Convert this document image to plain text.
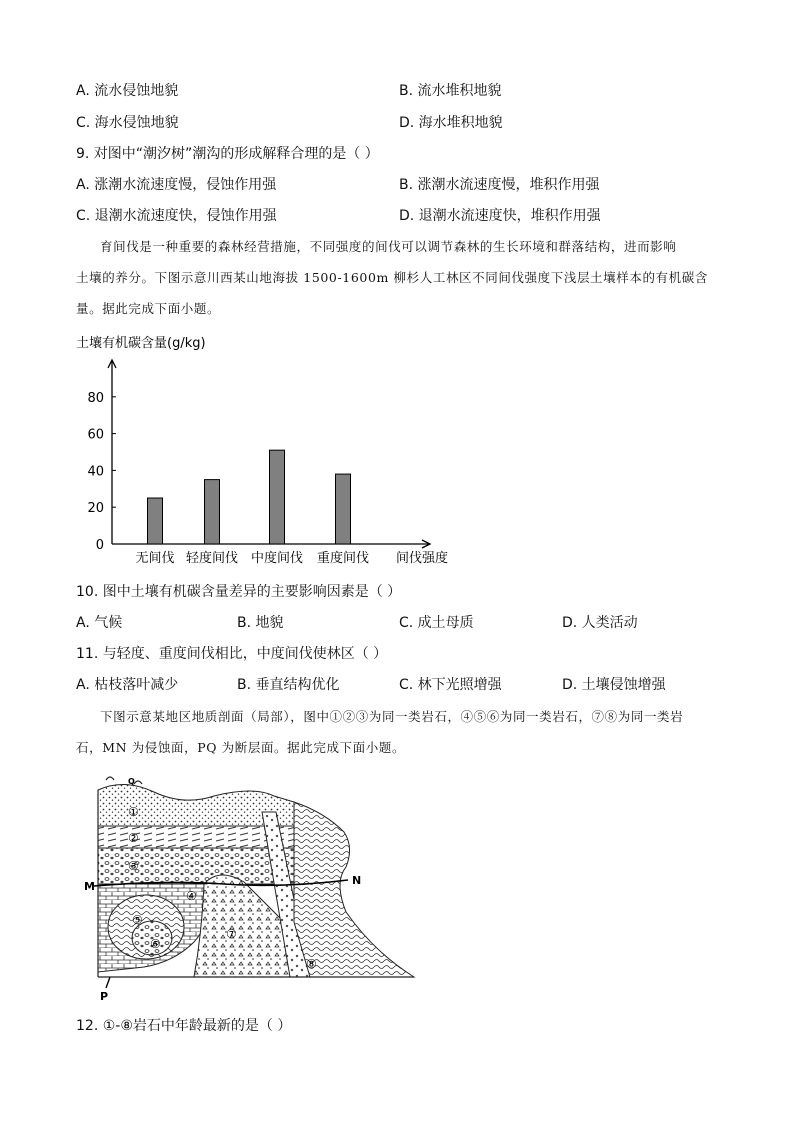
A. 流水侵蚀地貌	B. 流水堆积地貌
C. 海水侵蚀地貌	D. 海水堆积地貌
9. 对图中“潮汐树”潮沟的形成解释合理的是（ ）
A. 涨潮水流速度慢，侵蚀作用强	B. 涨潮水流速度慢，堆积作用强
C. 退潮水流速度快，侵蚀作用强	D. 退潮水流速度快，堆积作用强
育间伐是一种重要的森林经营措施，不同强度的间伐可以调节森林的生长环境和群落结构，进而影响
土壤的养分。下图示意川西某山地海拔 1500-1600m 柳杉人工林区不同间伐强度下浅层土壤样本的有机碳含
量。据此完成下面小题。
土壤有机碳含量(g/kg)
0
20
40
60
80
无间伐 轻度间伐 中度间伐 重度间伐 间伐强度
10. 图中土壤有机碳含量差异的主要影响因素是（ ）
A. 气候	B. 地貌	C. 成土母质	D. 人类活动
11. 与轻度、重度间伐相比，中度间伐使林区（ ）
A. 枯枝落叶减少	B. 垂直结构优化	C. 林下光照增强	D. 土壤侵蚀增强
下图示意某地区地质剖面（局部），图中①②③为同一类岩石，④⑤⑥为同一类岩石，⑦⑧为同一类岩
石，MN 为侵蚀面，PQ 为断层面。据此完成下面小题。
①
②
③
④
⑤
⑥
⑦
⑧
M	N
P
Q
12. ①-⑧岩石中年龄最新的是（ ）
